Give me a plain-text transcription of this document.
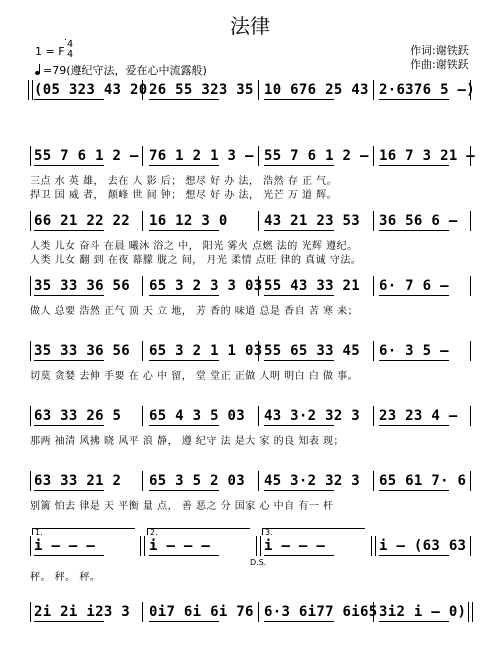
法律
作词:谢铁跃
作曲:谢铁跃
1 = F
4
4
=79(遵纪守法，爱在心中流露般)
(05 323 43 20 26 55 323 35 10 676 25 43 2·6376 5 –)
55 7 6 1 2 – 76 1 2 1 3 – 55 7 6 1 2 – 16 7 3 21 –
三点 水 英 雄， 去在 人 影 后； 想尽 好 办 法， 浩然 存 正 气。
捍卫 国 威 者， 颠峰 世 间 钟； 想尽 好 办 法， 光芒 万 道 辉。
66 21 22 22 16 12 3 0	43 21 23 53 36 56 6 –
人类 儿女 奋斗 在晨 曦沐 浴之 中， 阳光 雾火 点燃 法的 光辉 遵纪。
人类 儿女 翻 到 在夜 幕朦 胧之 间， 月光 柔情 点旺 律的 真诚 守法。
35 33 36 56 65 3 2 3 3 03 55 43 33 21 6· 7 6 –
做人 总要 浩然 正气 顶 天 立 地， 芳 香的 味道 总是 香自 苦 寒 来；
35 33 36 56 65 3 2 1 1 03 55 65 33 45 6· 3 5 –
切莫 贪婪 去伸 手要 在 心 中 留， 堂 堂正 正做 人明 明白 白 做 事。
63 33 26 5 65 4 3 5 03 43 3·2 32 3 23 23 4 –
那两 袖清 风拂 晓 风平 浪 静， 遵 纪守 法 是大 家 的良 知表 现；
63 33 21 2 65 3 5 2 03 45 3·2 32 3 65 61 7· 6
别篱 怕去 律是 天 平衡 量 点， 善 恶之 分 国家 心 中自 有一 杆
i – – –	i – – –	i – – –	i – (63 63
1.	2.	3.
D.S.
秤。 秤。 秤。
2i 2i i23 3 0i7 6i 6i 76 6·3 6i77 6i65 3i2 i – 0)
